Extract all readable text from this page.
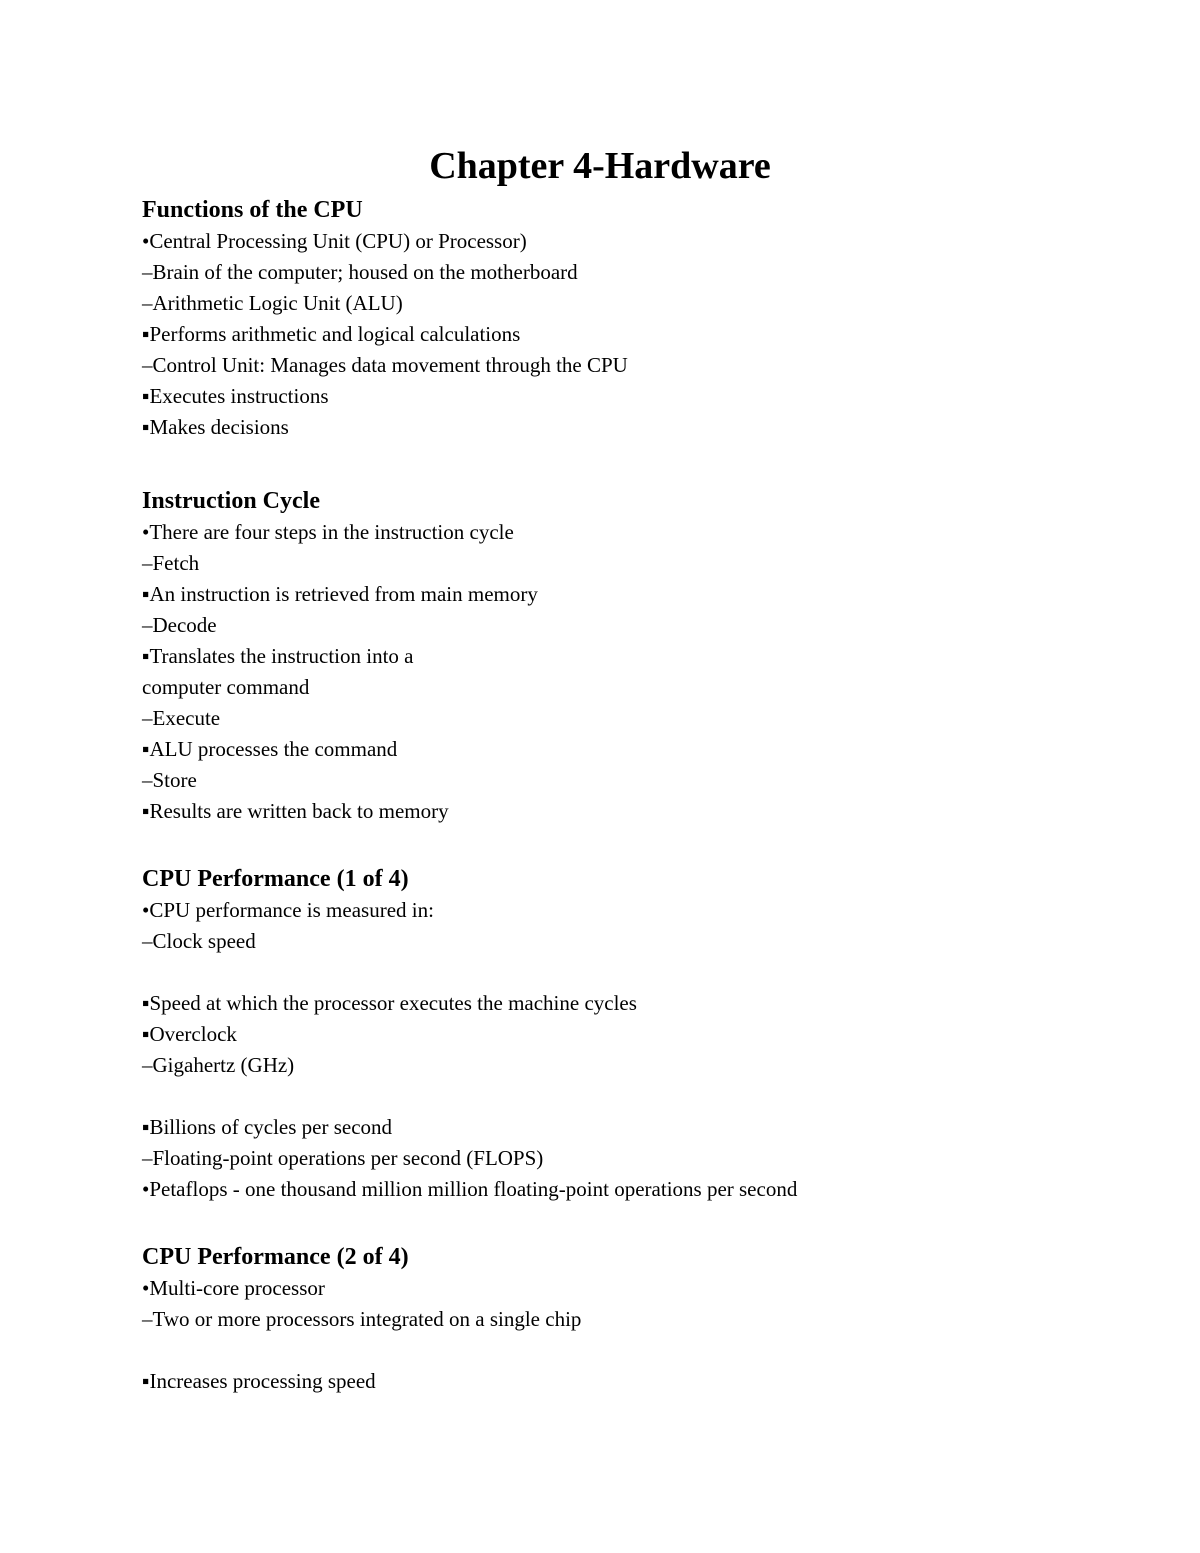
Chapter 4-Hardware
Functions of the CPU

•Central Processing Unit (CPU) or Processor)

–Brain of the computer; housed on the motherboard

–Arithmetic Logic Unit (ALU)

▪Performs arithmetic and logical calculations

–Control Unit: Manages data movement through the CPU

▪Executes instructions

▪Makes decisions

Instruction Cycle

•There are four steps in the instruction cycle

–Fetch

▪An instruction is retrieved from main memory

–Decode

▪Translates the instruction into a

computer command

–Execute

▪ALU processes the command

–Store

▪Results are written back to memory

CPU Performance (1 of 4)

•CPU performance is measured in:

–Clock speed

▪Speed at which the processor executes the machine cycles

▪Overclock

–Gigahertz (GHz)

▪Billions of cycles per second

–Floating-point operations per second (FLOPS)

•Petaflops - one thousand million million floating-point operations per second

CPU Performance (2 of 4)

•Multi-core processor

–Two or more processors integrated on a single chip

▪Increases processing speed
